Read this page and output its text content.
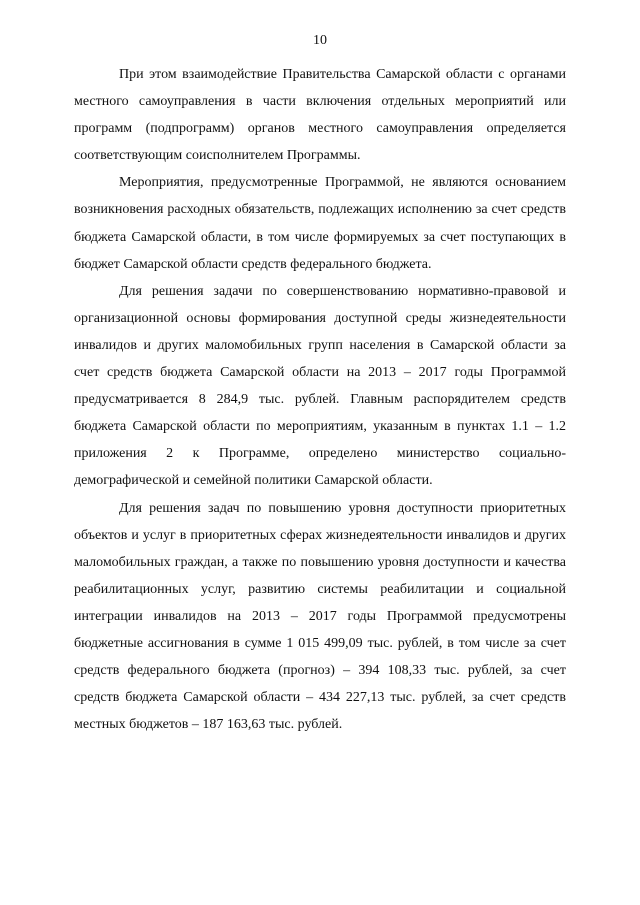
10

При этом взаимодействие Правительства Самарской области с органами местного самоуправления в части включения отдельных мероприятий или программ (подпрограмм) органов местного самоуправления определяется соответствующим соисполнителем Программы.

Мероприятия, предусмотренные Программой, не являются основанием возникновения расходных обязательств, подлежащих исполнению за счет средств бюджета Самарской области, в том числе формируемых за счет поступающих в бюджет Самарской области средств федерального бюджета.

Для решения задачи по совершенствованию нормативно-правовой и организационной основы формирования доступной среды жизнедеятельности инвалидов и других маломобильных групп населения в Самарской области за счет средств бюджета Самарской области на 2013 – 2017 годы Программой предусматривается 8 284,9 тыс. рублей. Главным распорядителем средств бюджета Самарской области по мероприятиям, указанным в пунктах 1.1 – 1.2 приложения 2 к Программе, определено министерство социально-демографической и семейной политики Самарской области.

Для решения задач по повышению уровня доступности приоритетных объектов и услуг в приоритетных сферах жизнедеятельности инвалидов и других маломобильных граждан, а также по повышению уровня доступности и качества реабилитационных услуг, развитию системы реабилитации и социальной интеграции инвалидов на 2013 – 2017 годы Программой предусмотрены бюджетные ассигнования в сумме 1 015 499,09 тыс. рублей, в том числе за счет средств федерального бюджета (прогноз) – 394 108,33 тыс. рублей, за счет средств бюджета Самарской области – 434 227,13 тыс. рублей, за счет средств местных бюджетов – 187 163,63 тыс. рублей.
